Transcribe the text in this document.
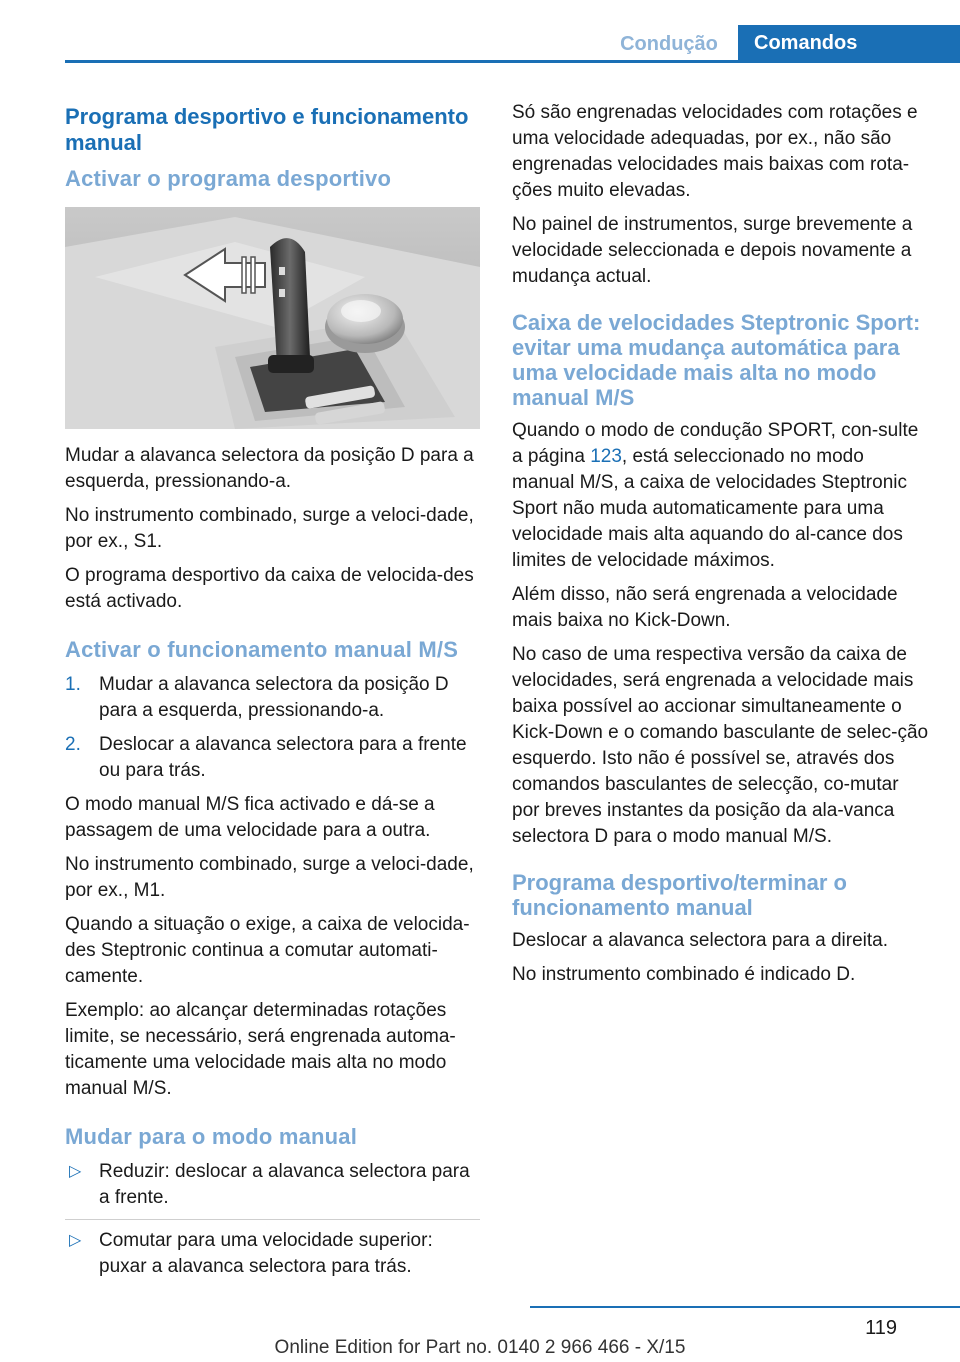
Condução	Comandos
Programa desportivo e funcionamento manual
Activar o programa desportivo

Mudar a alavanca selectora da posição D para a esquerda, pressionando-a.

No instrumento combinado, surge a veloci‐dade, por ex., S1.

O programa desportivo da caixa de velocida‐des está activado.

Activar o funcionamento manual M/S
1. Mudar a alavanca selectora da posição D para a esquerda, pressionando-a.
2. Deslocar a alavanca selectora para a frente ou para trás.

O modo manual M/S fica activado e dá-se a passagem de uma velocidade para a outra.

No instrumento combinado, surge a veloci‐dade, por ex., M1.

Quando a situação o exige, a caixa de velocida‐des Steptronic continua a comutar automati‐camente.

Exemplo: ao alcançar determinadas rotações limite, se necessário, será engrenada automa‐ticamente uma velocidade mais alta no modo manual M/S.

Mudar para o modo manual
▷ Reduzir: deslocar a alavanca selectora para a frente.
▷ Comutar para uma velocidade superior: puxar a alavanca selectora para trás.

Só são engrenadas velocidades com rotações e uma velocidade adequadas, por ex., não são engrenadas velocidades mais baixas com rota‐ções muito elevadas.

No painel de instrumentos, surge brevemente a velocidade seleccionada e depois novamente a mudança actual.

Caixa de velocidades Steptronic Sport: evitar uma mudança automática para uma velocidade mais alta no modo manual M/S

Quando o modo de condução SPORT, con‐sulte a página 123, está seleccionado no modo manual M/S, a caixa de velocidades Steptronic Sport não muda automaticamente para uma velocidade mais alta aquando do al‐cance dos limites de velocidade máximos.

Além disso, não será engrenada a velocidade mais baixa no Kick-Down.

No caso de uma respectiva versão da caixa de velocidades, será engrenada a velocidade mais baixa possível ao accionar simultaneamente o Kick-Down e o comando basculante de selec‐ção esquerdo. Isto não é possível se, através dos comandos basculantes de selecção, co‐mutar por breves instantes da posição da ala‐vanca selectora D para o modo manual M/S.

Programa desportivo/terminar o funcionamento manual

Deslocar a alavanca selectora para a direita.

No instrumento combinado é indicado D.

119
Online Edition for Part no. 0140 2 966 466 - X/15
